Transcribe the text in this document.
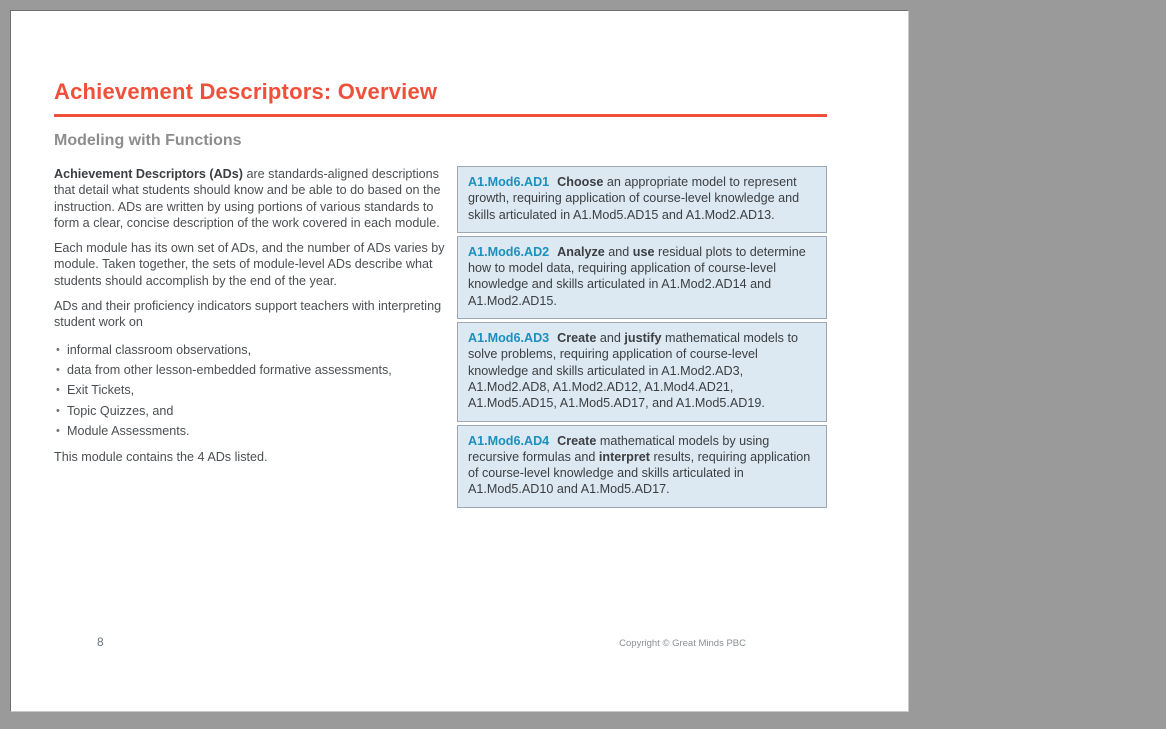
Achievement Descriptors: Overview
Modeling with Functions

Achievement Descriptors (ADs) are standards-aligned descriptions that detail what students should know and be able to do based on the instruction. ADs are written by using portions of various standards to form a clear, concise description of the work covered in each module.

Each module has its own set of ADs, and the number of ADs varies by module. Taken together, the sets of module-level ADs describe what students should accomplish by the end of the year.

ADs and their proficiency indicators support teachers with interpreting student work on

• informal classroom observations,
• data from other lesson-embedded formative assessments,
• Exit Tickets,
• Topic Quizzes, and
• Module Assessments.

This module contains the 4 ADs listed.

A1.Mod6.AD1 Choose an appropriate model to represent growth, requiring application of course-level knowledge and skills articulated in A1.Mod5.AD15 and A1.Mod2.AD13.
A1.Mod6.AD2 Analyze and use residual plots to determine how to model data, requiring application of course-level knowledge and skills articulated in A1.Mod2.AD14 and A1.Mod2.AD15.
A1.Mod6.AD3 Create and justify mathematical models to solve problems, requiring application of course-level knowledge and skills articulated in A1.Mod2.AD3, A1.Mod2.AD8, A1.Mod2.AD12, A1.Mod4.AD21, A1.Mod5.AD15, A1.Mod5.AD17, and A1.Mod5.AD19.
A1.Mod6.AD4 Create mathematical models by using recursive formulas and interpret results, requiring application of course-level knowledge and skills articulated in A1.Mod5.AD10 and A1.Mod5.AD17.
8	Copyright © Great Minds PBC
